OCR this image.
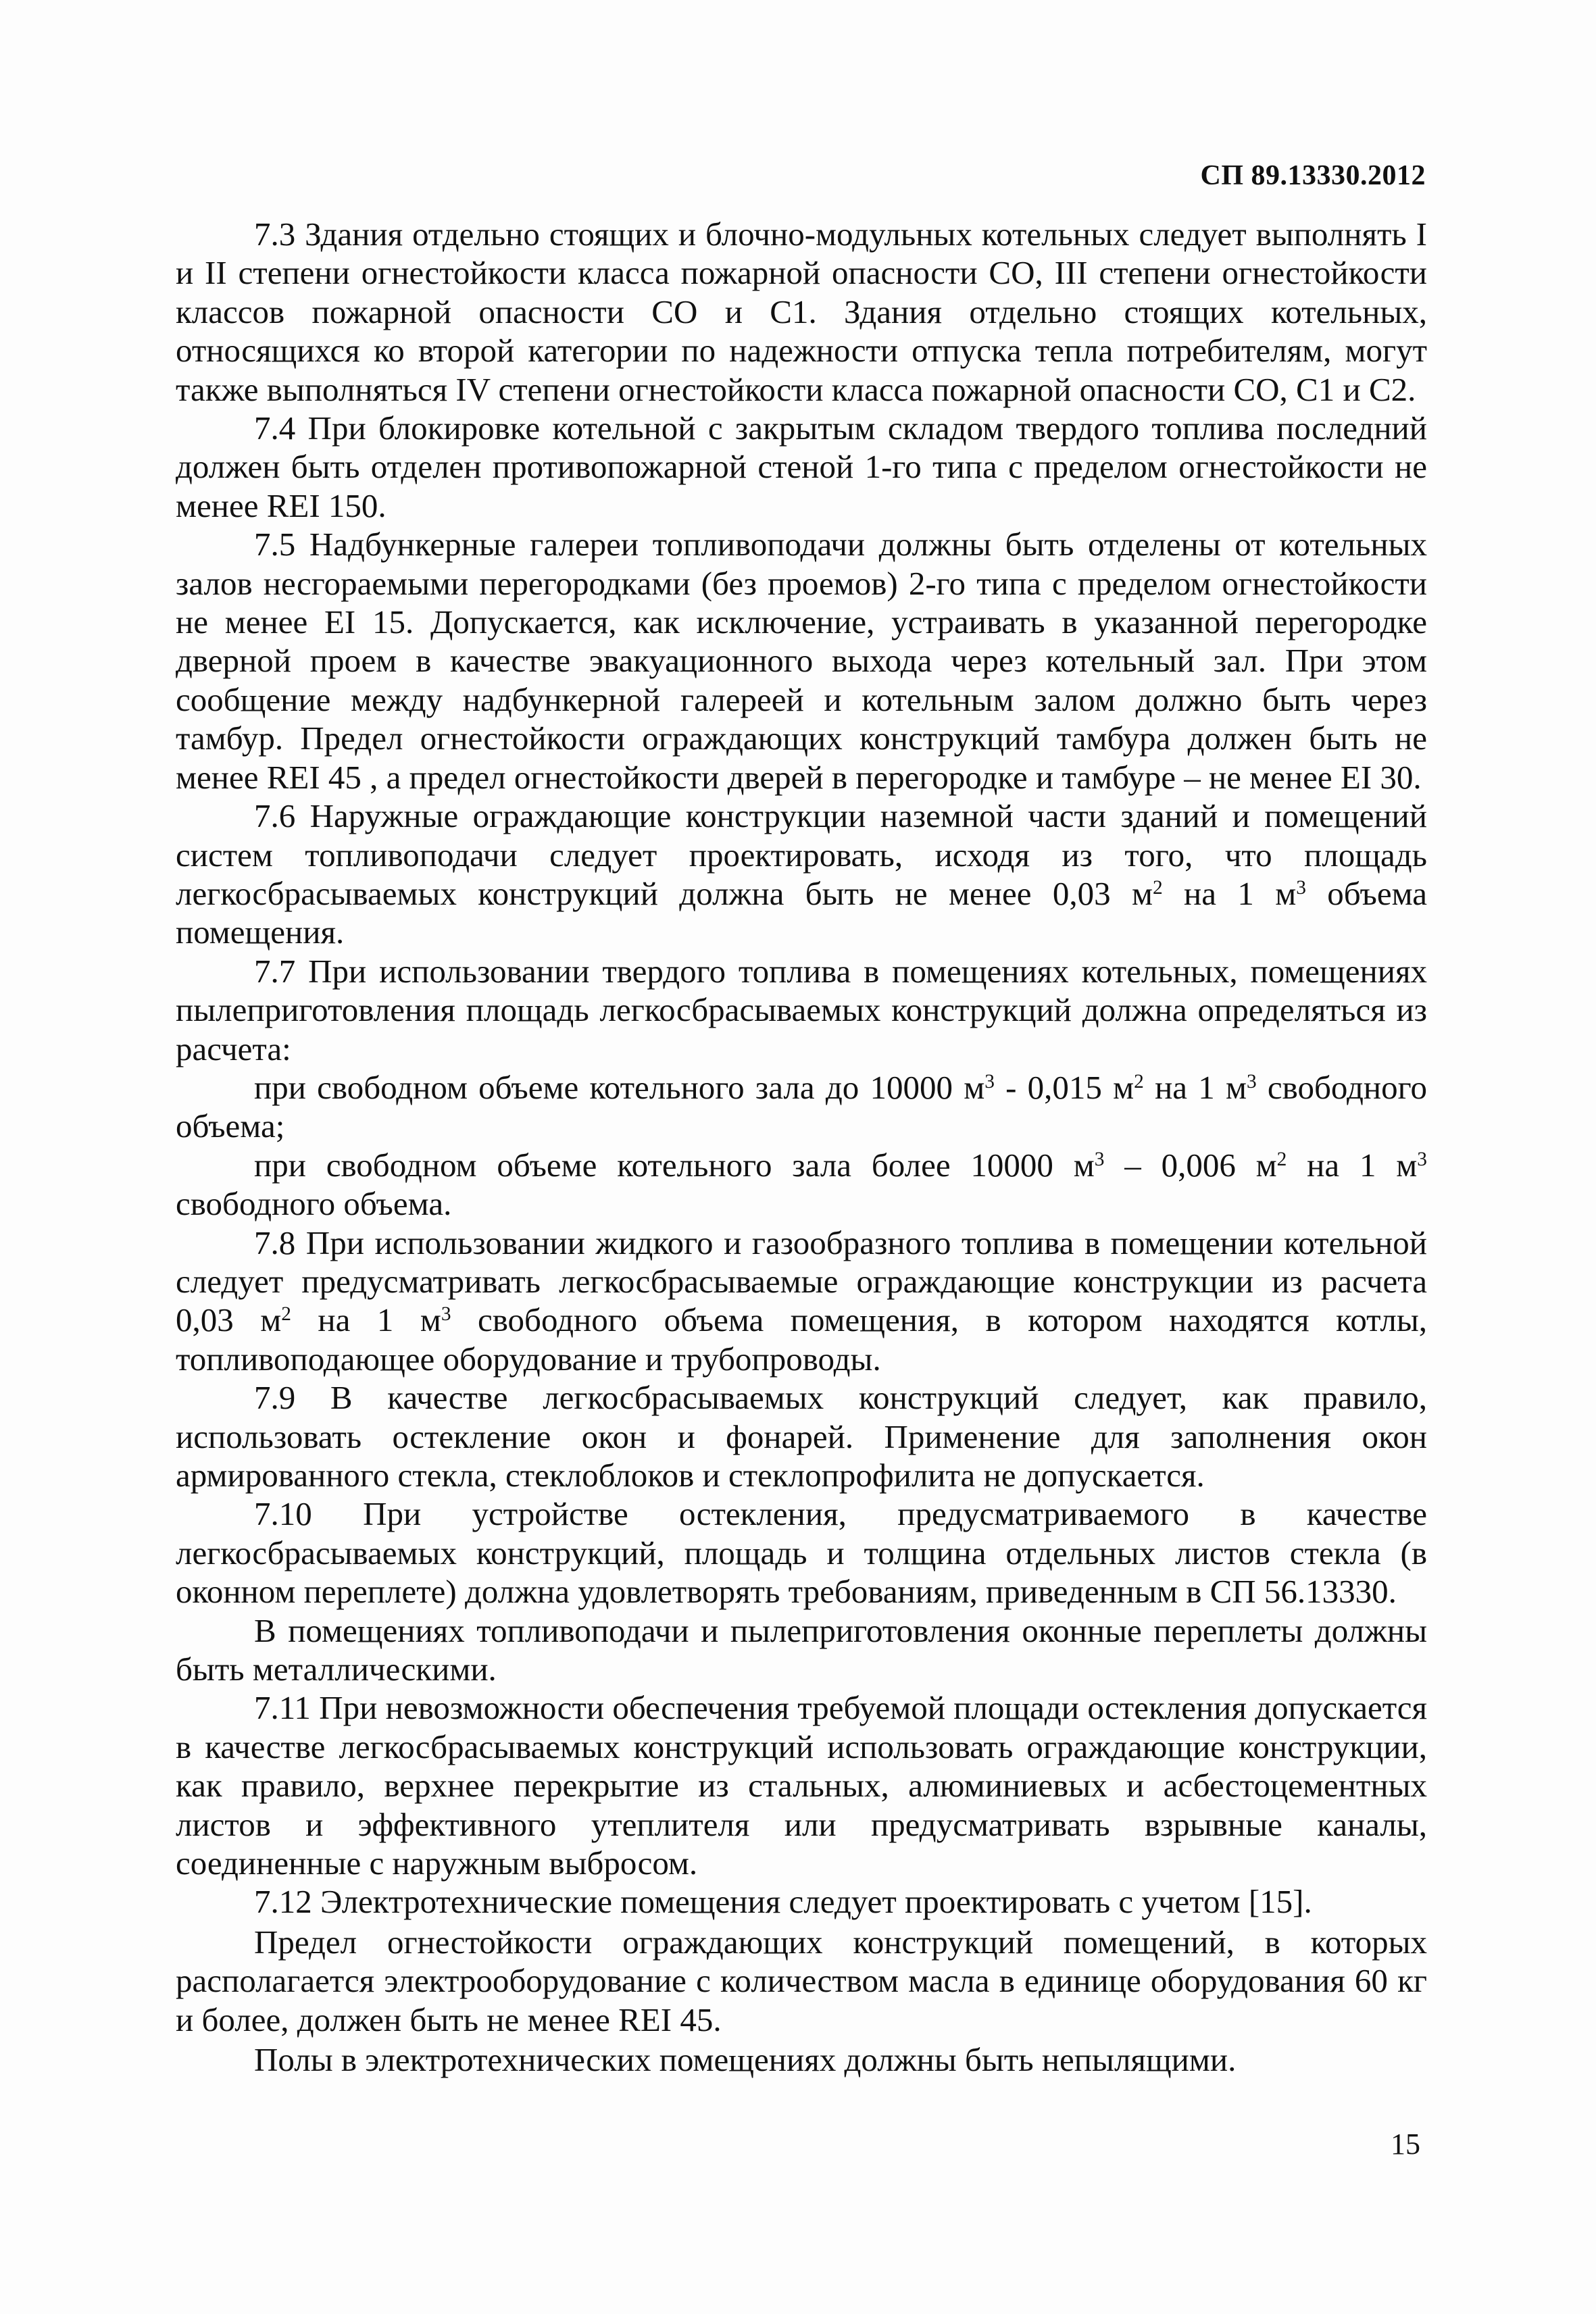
СП 89.13330.2012

7.3 Здания отдельно стоящих и блочно-модульных котельных следует выполнять I и II степени огнестойкости класса пожарной опасности СО, III степени огнестойкости классов пожарной опасности СО и С1. Здания отдельно стоящих котельных, относящихся ко второй категории по надежности отпуска тепла потребителям, могут также выполняться IV степени огнестойкости класса пожарной опасности СО, С1 и С2.

7.4 При блокировке котельной с закрытым складом твердого топлива последний должен быть отделен противопожарной стеной 1-го типа с пределом огнестойкости не менее REI 150.

7.5 Надбункерные галереи топливоподачи должны быть отделены от котельных залов несгораемыми перегородками (без проемов) 2-го типа с пределом огнестойкости не менее EI 15. Допускается, как исключение, устраивать в указанной перегородке дверной проем в качестве эвакуационного выхода через котельный зал. При этом сообщение между надбункерной галереей и котельным залом должно быть через тамбур. Предел огнестойкости ограждающих конструкций тамбура должен быть не менее REI 45 , а предел огнестойкости дверей в перегородке и тамбуре – не менее EI 30.

7.6 Наружные ограждающие конструкции наземной части зданий и помещений систем топливоподачи следует проектировать, исходя из того, что площадь легкосбрасываемых конструкций должна быть не менее 0,03 $м^2$ на 1 $м^3$ объема помещения.

7.7 При использовании твердого топлива в помещениях котельных, помещениях пылеприготовления площадь легкосбрасываемых конструкций должна определяться из расчета:

при свободном объеме котельного зала до 10000 $м^3 - 0,015$ $м^2$ на 1 $м^3$ свободного объема;

при свободном объеме котельного зала более 10000 $м^3 - 0,006$ $м^2$ на 1 $м^3$ свободного объема.

7.8 При использовании жидкого и газообразного топлива в помещении котельной следует предусматривать легкосбрасываемые ограждающие конструкции из расчета 0,03 $м^2$ на 1 $м^3$ свободного объема помещения, в котором находятся котлы, топливоподающее оборудование и трубопроводы.

7.9 В качестве легкосбрасываемых конструкций следует, как правило, использовать остекление окон и фонарей. Применение для заполнения окон армированного стекла, стеклоблоков и стеклопрофилита не допускается.

7.10 При устройстве остекления, предусматриваемого в качестве легкосбрасываемых конструкций, площадь и толщина отдельных листов стекла (в оконном переплете) должна удовлетворять требованиям, приведенным в СП 56.13330.

В помещениях топливоподачи и пылеприготовления оконные переплеты должны быть металлическими.

7.11 При невозможности обеспечения требуемой площади остекления допускается в качестве легкосбрасываемых конструкций использовать ограждающие конструкции, как правило, верхнее перекрытие из стальных, алюминиевых и асбестоцементных листов и эффективного утеплителя или предусматривать взрывные каналы, соединенные с наружным выбросом.

7.12 Электротехнические помещения следует проектировать с учетом [15].

Предел огнестойкости ограждающих конструкций помещений, в которых располагается электрооборудование с количеством масла в единице оборудования 60 кг и более, должен быть не менее REI 45.

Полы в электротехнических помещениях должны быть непылящими.

15
